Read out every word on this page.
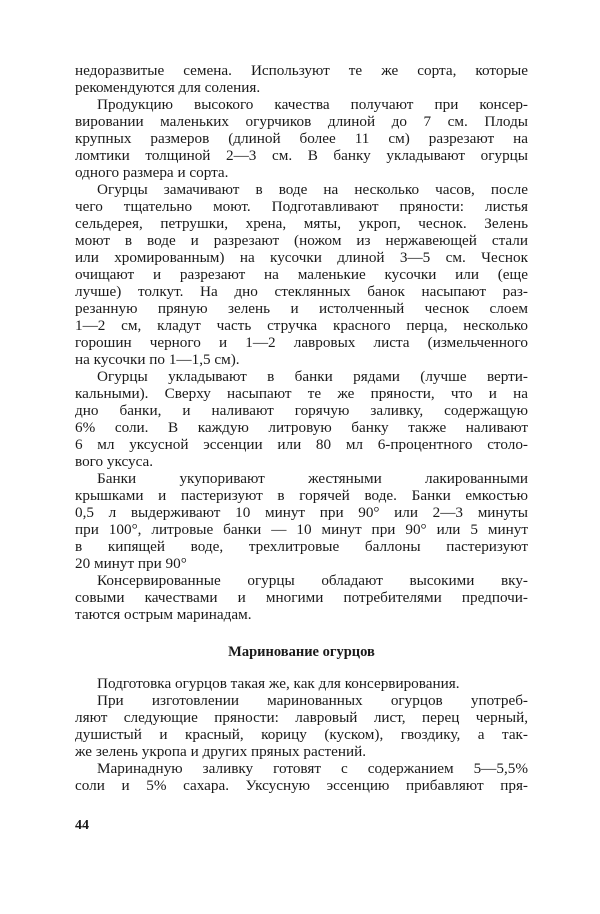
недоразвитые семена. Используют те же сорта, которые
рекомендуются для соления.
Продукцию высокого качества получают при консер-
вировании маленьких огурчиков длиной до 7 см. Плоды
крупных размеров (длиной более 11 см) разрезают на
ломтики толщиной 2—3 см. В банку укладывают огурцы
одного размера и сорта.
Огурцы замачивают в воде на несколько часов, после
чего тщательно моют. Подготавливают пряности: листья
сельдерея, петрушки, хрена, мяты, укроп, чеснок. Зелень
моют в воде и разрезают (ножом из нержавеющей стали
или хромированным) на кусочки длиной 3—5 см. Чеснок
очищают и разрезают на маленькие кусочки или (еще
лучше) толкут. На дно стеклянных банок насыпают раз-
резанную пряную зелень и истолченный чеснок слоем
1—2 см, кладут часть стручка красного перца, несколько
горошин черного и 1—2 лавровых листа (измельченного
на кусочки по 1—1,5 см).
Огурцы укладывают в банки рядами (лучше верти-
кальными). Сверху насыпают те же пряности, что и на
дно банки, и наливают горячую заливку, содержащую
6% соли. В каждую литровую банку также наливают
6 мл уксусной эссенции или 80 мл 6-процентного столо-
вого уксуса.
Банки укупоривают жестяными лакированными
крышками и пастеризуют в горячей воде. Банки емкостью
0,5 л выдерживают 10 минут при 90° или 2—3 минуты
при 100°, литровые банки — 10 минут при 90° или 5 минут
в кипящей воде, трехлитровые баллоны пастеризуют
20 минут при 90°
Консервированные огурцы обладают высокими вку-
совыми качествами и многими потребителями предпочи-
таются острым маринадам.
Маринование огурцов
Подготовка огурцов такая же, как для консервирования.
При изготовлении маринованных огурцов употреб-
ляют следующие пряности: лавровый лист, перец черный,
душистый и красный, корицу (куском), гвоздику, а так-
же зелень укропа и других пряных растений.
Маринадную заливку готовят с содержанием 5—5,5%
соли и 5% сахара. Уксусную эссенцию прибавляют пря-
44
